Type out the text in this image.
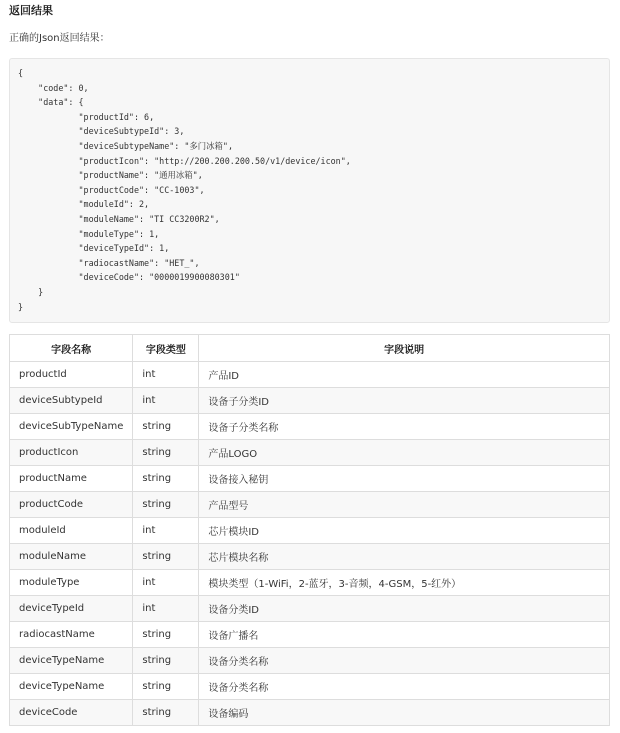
返回结果
正确的Json返回结果：
{
"code": 0,
"data": {
"productId": 6,
"deviceSubtypeId": 3,
"deviceSubtypeName": "多门冰箱",
"productIcon": "http://200.200.200.50/v1/device/icon",
"productName": "通用冰箱",
"productCode": "CC-1003",
"moduleId": 2,
"moduleName": "TI CC3200R2",
"moduleType": 1,
"deviceTypeId": 1,
"radiocastName": "HET_",
"deviceCode": "0000019900080301"
}
}
字段名称	字段类型	字段说明
productId	int	产品ID
deviceSubtypeId	int	设备子分类ID
deviceSubTypeName	string	设备子分类名称
productIcon	string	产品LOGO
productName	string	设备接入秘钥
productCode	string	产品型号
moduleId	int	芯片模块ID
moduleName	string	芯片模块名称
moduleType	int	模块类型（1-WiFi，2-蓝牙，3-音频，4-GSM，5-红外）
deviceTypeId	int	设备分类ID
radiocastName	string	设备广播名
deviceTypeName	string	设备分类名称
deviceTypeName	string	设备分类名称
deviceCode	string	设备编码
